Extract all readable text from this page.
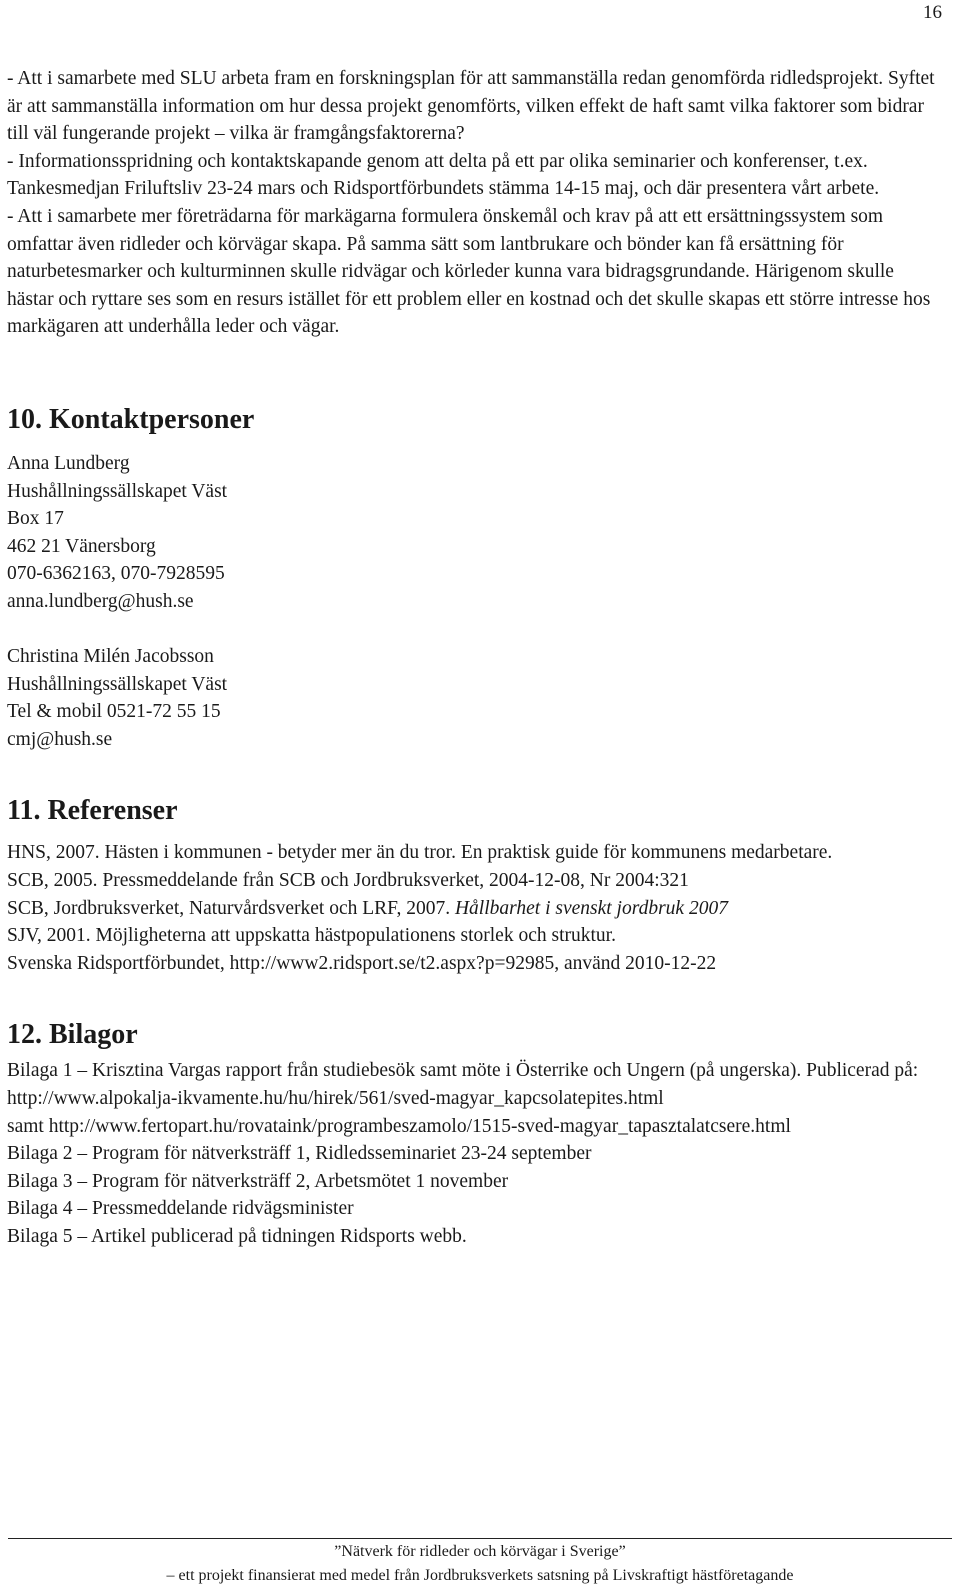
16

- Att i samarbete med SLU arbeta fram en forskningsplan för att sammanställa redan genomförda ridledsprojekt. Syftet är att sammanställa information om hur dessa projekt genomförts, vilken effekt de haft samt vilka faktorer som bidrar till väl fungerande projekt – vilka är framgångsfaktorerna?

- Informationsspridning och kontaktskapande genom att delta på ett par olika seminarier och konferenser, t.ex. Tankesmedjan Friluftsliv 23-24 mars och Ridsportförbundets stämma 14-15 maj, och där presentera vårt arbete.

- Att i samarbete mer företrädarna för markägarna formulera önskemål och krav på att ett ersättningssystem som omfattar även ridleder och körvägar skapa. På samma sätt som lantbrukare och bönder kan få ersättning för naturbetesmarker och kulturminnen skulle ridvägar och körleder kunna vara bidragsgrundande. Härigenom skulle hästar och ryttare ses som en resurs istället för ett problem eller en kostnad och det skulle skapas ett större intresse hos markägaren att underhålla leder och vägar.

10. Kontaktpersoner
Anna Lundberg
Hushållningssällskapet Väst
Box 17
462 21 Vänersborg
070-6362163, 070-7928595
anna.lundberg@hush.se
Christina Milén Jacobsson
Hushållningssällskapet Väst
Tel & mobil 0521-72 55 15
cmj@hush.se
11. Referenser
HNS, 2007. Hästen i kommunen - betyder mer än du tror. En praktisk guide för kommunens medarbetare.
SCB, 2005. Pressmeddelande från SCB och Jordbruksverket, 2004-12-08, Nr 2004:321
SCB, Jordbruksverket, Naturvårdsverket och LRF, 2007. Hållbarhet i svenskt jordbruk 2007
SJV, 2001. Möjligheterna att uppskatta hästpopulationens storlek och struktur.
Svenska Ridsportförbundet, http://www2.ridsport.se/t2.aspx?p=92985, använd 2010-12-22
12. Bilagor
Bilaga 1 – Krisztina Vargas rapport från studiebesök samt möte i Österrike och Ungern (på ungerska). Publicerad på:
http://www.alpokalja-ikvamente.hu/hu/hirek/561/sved-magyar_kapcsolatepites.html
samt http://www.fertopart.hu/rovataink/programbeszamolo/1515-sved-magyar_tapasztalatcsere.html
Bilaga 2 – Program för nätverksträff 1, Ridledsseminariet 23-24 september
Bilaga 3 – Program för nätverksträff 2, Arbetsmötet 1 november
Bilaga 4 – Pressmeddelande ridvägsminister
Bilaga 5 – Artikel publicerad på tidningen Ridsports webb.
”Nätverk för ridleder och körvägar i Sverige”
– ett projekt finansierat med medel från Jordbruksverkets satsning på Livskraftigt hästföretagande
